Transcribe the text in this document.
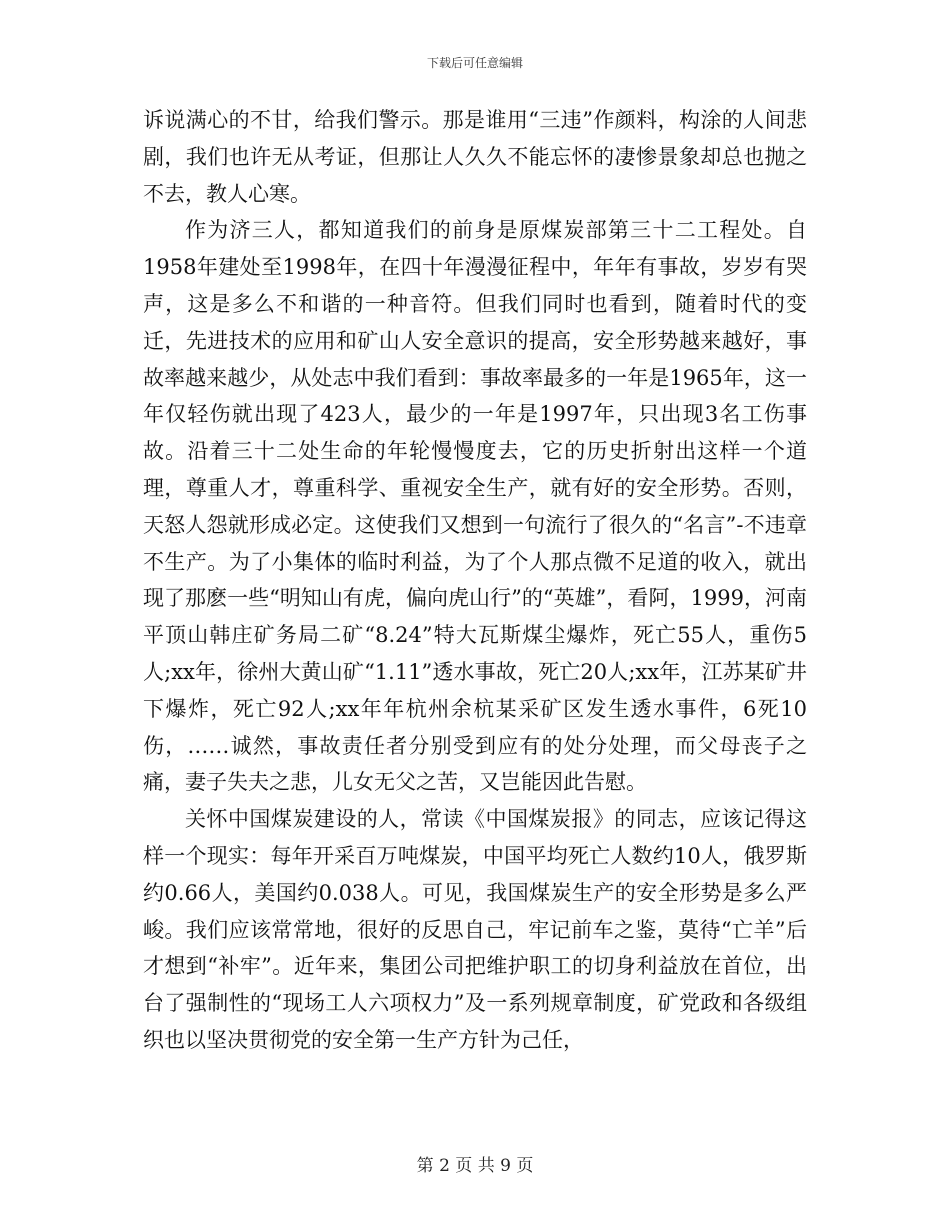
下载后可任意编辑

诉说满心的不甘，给我们警示。那是谁用“三违”作颜料，构涂的人间悲剧，我们也许无从考证，但那让人久久不能忘怀的凄惨景象却总也抛之不去，教人心寒。

作为济三人，都知道我们的前身是原煤炭部第三十二工程处。自1958年建处至1998年，在四十年漫漫征程中，年年有事故，岁岁有哭声，这是多么不和谐的一种音符。但我们同时也看到，随着时代的变迁，先进技术的应用和矿山人安全意识的提高，安全形势越来越好，事故率越来越少，从处志中我们看到：事故率最多的一年是1965年，这一年仅轻伤就出现了423人，最少的一年是1997年，只出现3名工伤事故。沿着三十二处生命的年轮慢慢度去，它的历史折射出这样一个道理，尊重人才，尊重科学、重视安全生产，就有好的安全形势。否则，天怒人怨就形成必定。这使我们又想到一句流行了很久的“名言”-不违章不生产。为了小集体的临时利益，为了个人那点微不足道的收入，就出现了那麽一些“明知山有虎，偏向虎山行”的“英雄”，看阿，1999，河南平顶山韩庄矿务局二矿“8.24”特大瓦斯煤尘爆炸，死亡55人，重伤5人;xx年，徐州大黄山矿“1.11”透水事故，死亡20人;xx年，江苏某矿井下爆炸，死亡92人;xx年年杭州余杭某采矿区发生透水事件，6死10伤，……诚然，事故责任者分别受到应有的处分处理，而父母丧子之痛，妻子失夫之悲，儿女无父之苦，又岂能因此告慰。

关怀中国煤炭建设的人，常读《中国煤炭报》的同志，应该记得这样一个现实：每年开采百万吨煤炭，中国平均死亡人数约10人，俄罗斯约0.66人，美国约0.038人。可见，我国煤炭生产的安全形势是多么严峻。我们应该常常地，很好的反思自己，牢记前车之鉴，莫待“亡羊”后才想到“补牢”。近年来，集团公司把维护职工的切身利益放在首位，出台了强制性的“现场工人六项权力”及一系列规章制度，矿党政和各级组织也以坚决贯彻党的安全第一生产方针为己任，

第 2 页 共 9 页
